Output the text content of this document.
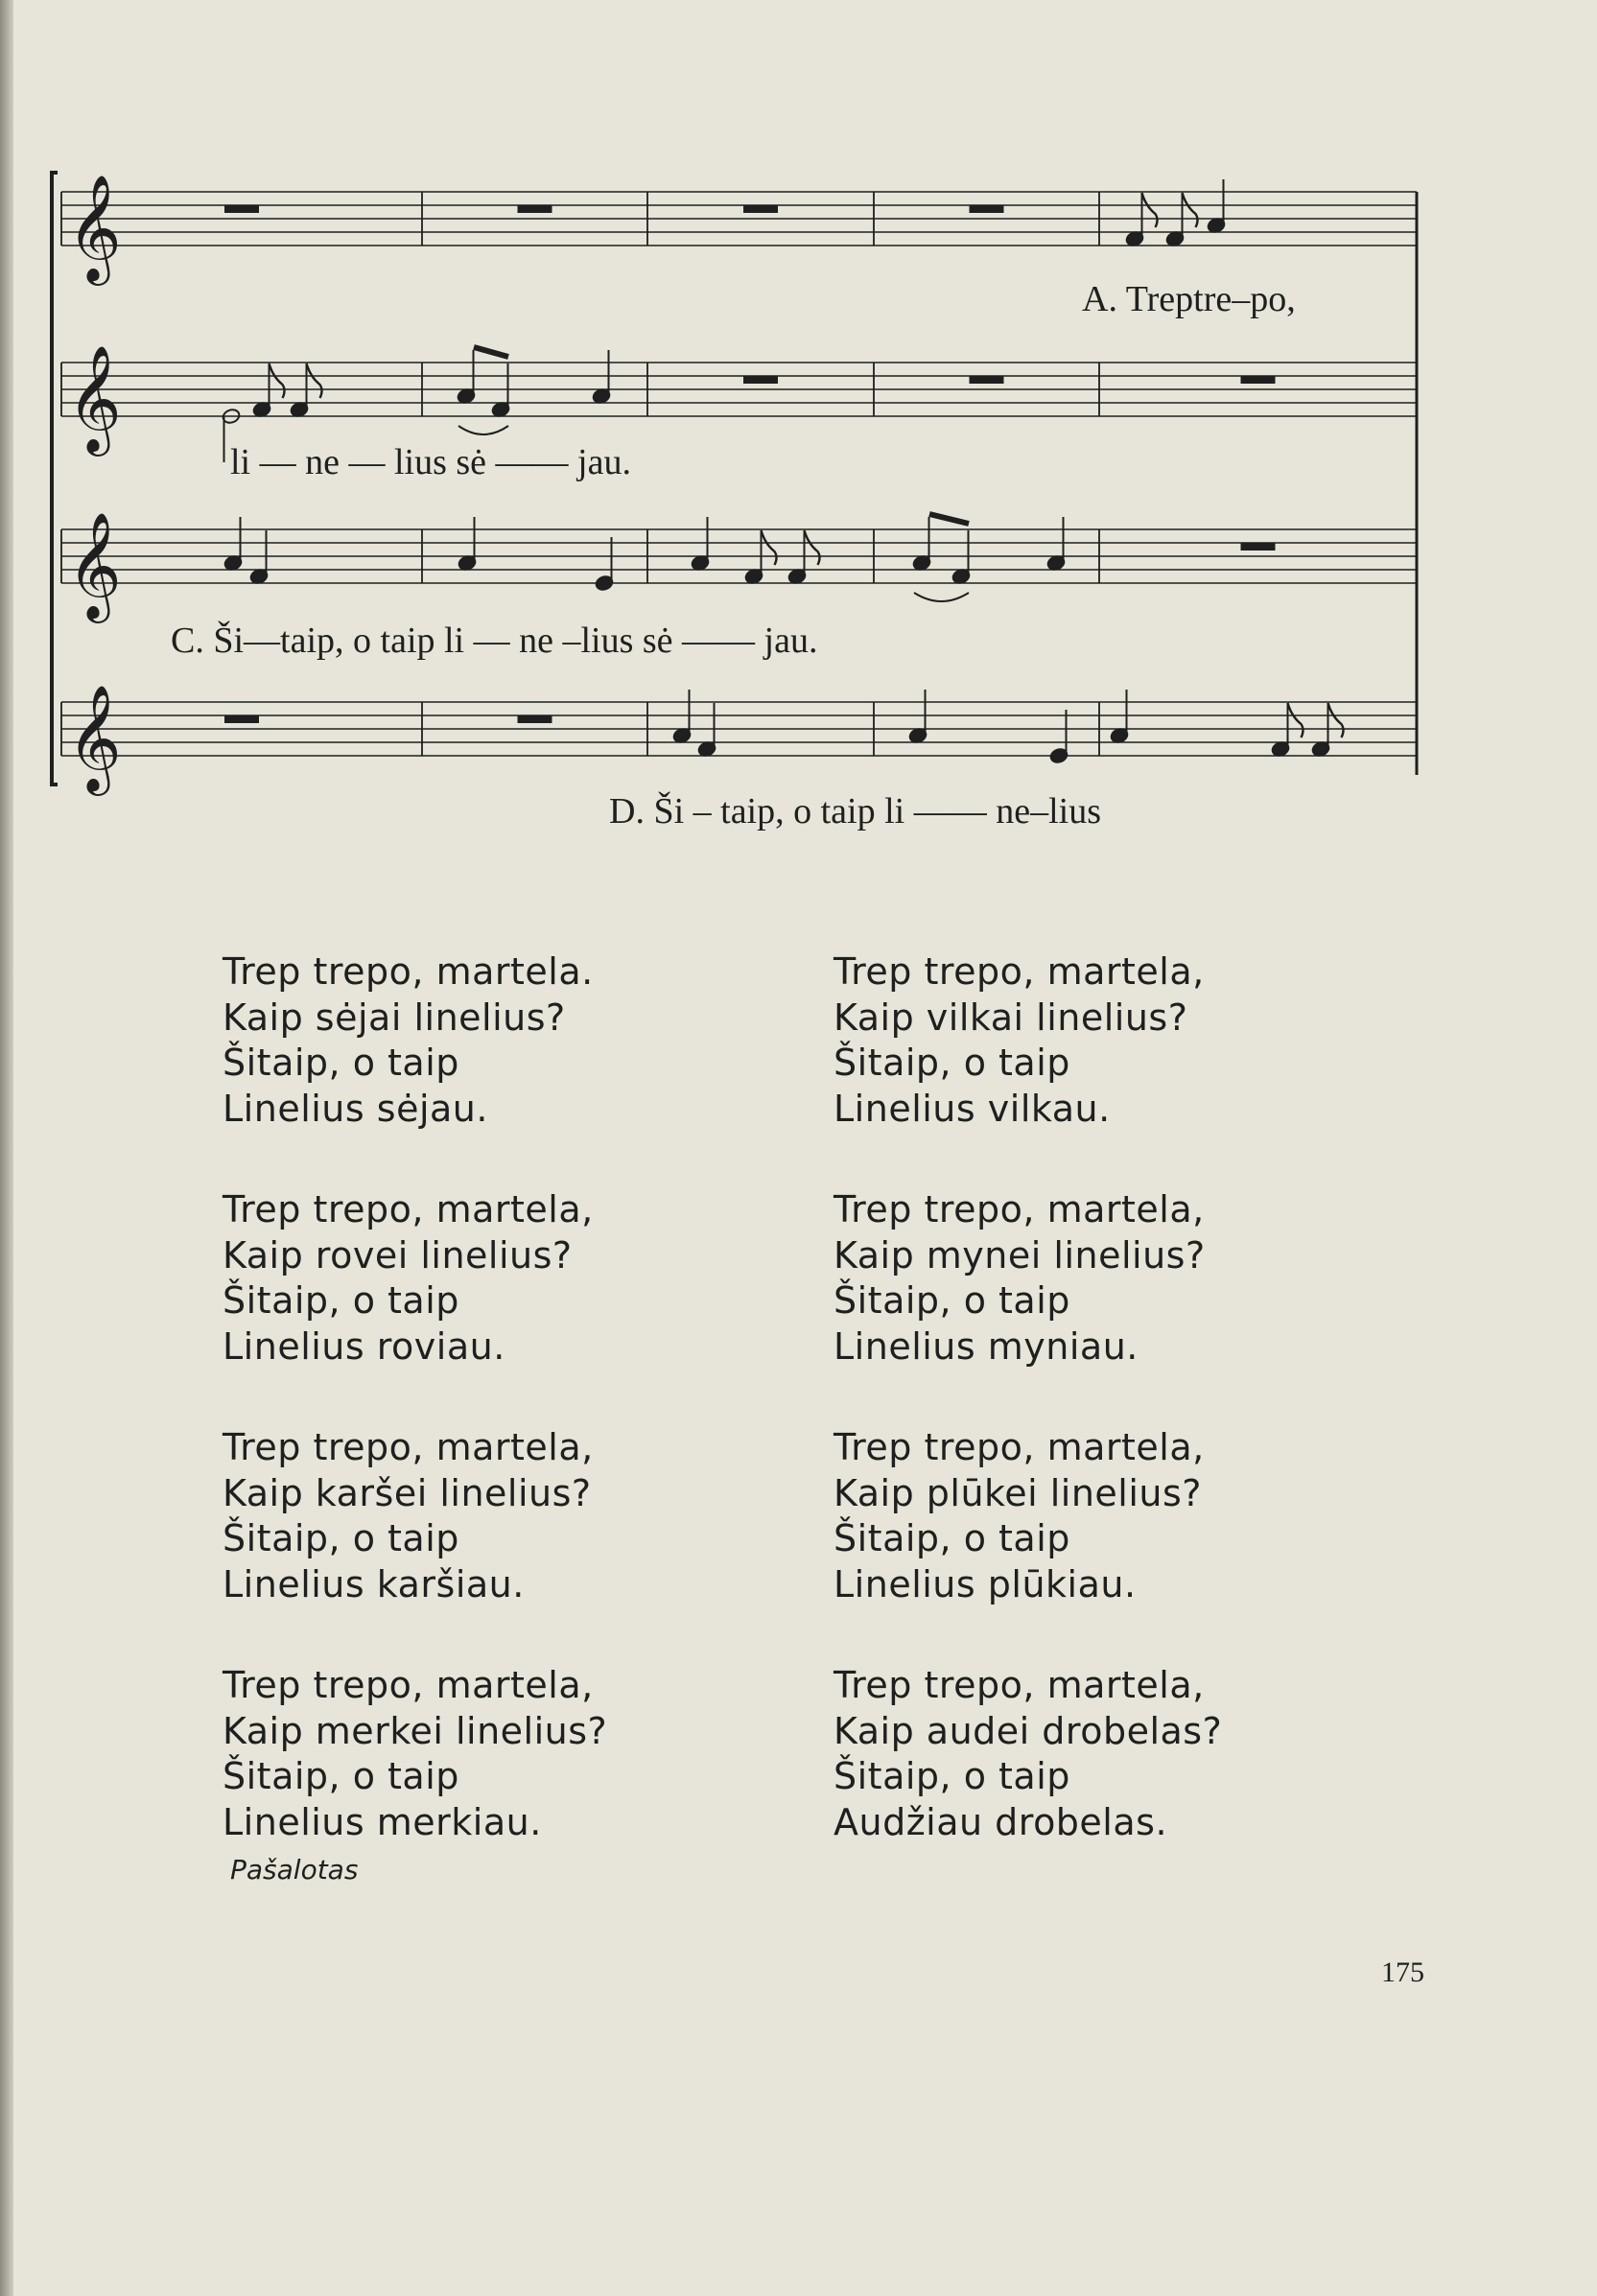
𝄞
𝄞
𝄞
𝄞
A. Treptre–po,
li — ne — lius sė —— jau.
C. Ši—taip, o taip li — ne –lius sė —— jau.
D. Ši – taip, o taip li —— ne–lius
Trep trepo, martela.
Kaip sėjai linelius?
Šitaip, o taip
Linelius sėjau.
Trep trepo, martela,
Kaip rovei linelius?
Šitaip, o taip
Linelius roviau.
Trep trepo, martela,
Kaip karšei linelius?
Šitaip, o taip
Linelius karšiau.
Trep trepo, martela,
Kaip merkei linelius?
Šitaip, o taip
Linelius merkiau.
Trep trepo, martela,
Kaip vilkai linelius?
Šitaip, o taip
Linelius vilkau.
Trep trepo, martela,
Kaip mynei linelius?
Šitaip, o taip
Linelius myniau.
Trep trepo, martela,
Kaip plūkei linelius?
Šitaip, o taip
Linelius plūkiau.
Trep trepo, martela,
Kaip audei drobelas?
Šitaip, o taip
Audžiau drobelas.
Pašalotas
175
